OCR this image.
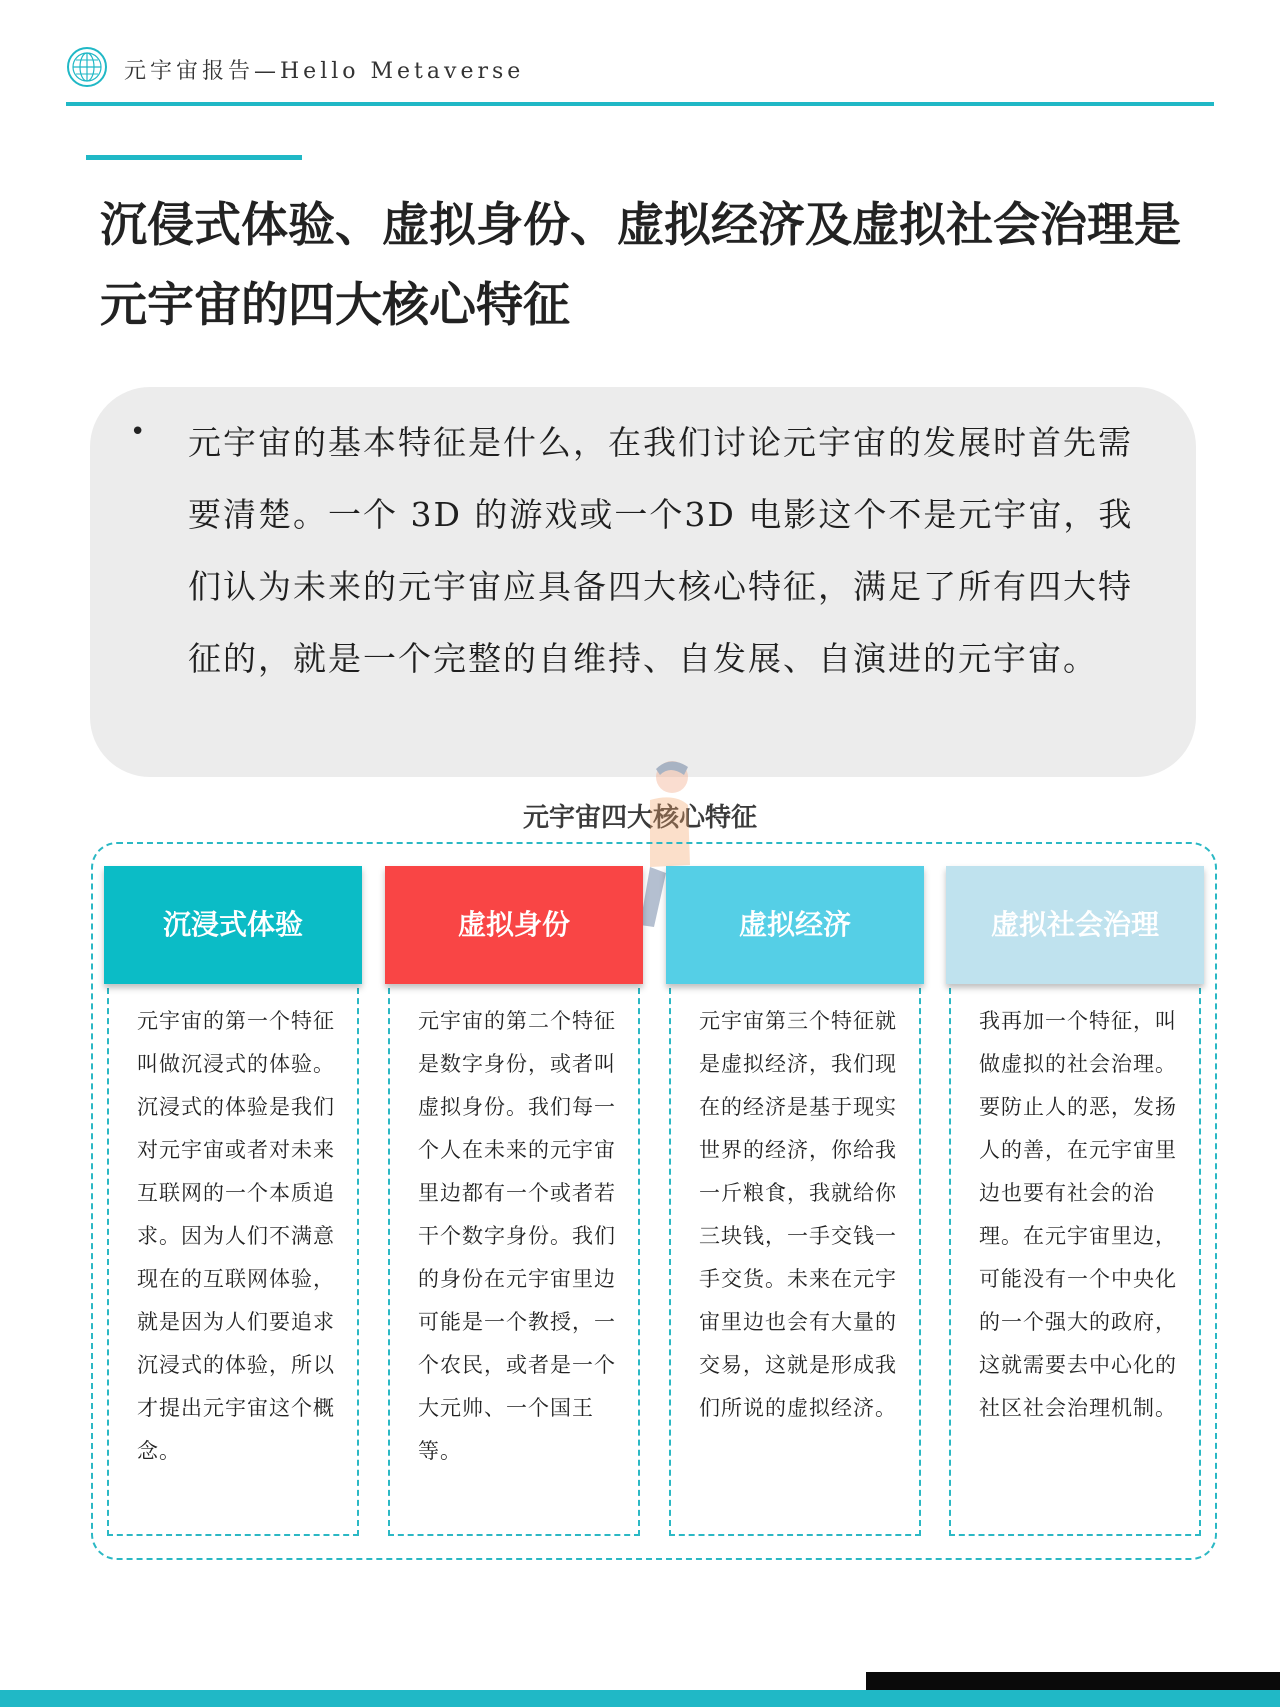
元宇宙报告—Hello Metaverse
沉侵式体验、虚拟身份、虚拟经济及虚拟社会治理是元宇宙的四大核心特征
• 元宇宙的基本特征是什么，在我们讨论元宇宙的发展时首先需要清楚。一个 3D 的游戏或一个3D 电影这个不是元宇宙，我们认为未来的元宇宙应具备四大核心特征，满足了所有四大特征的，就是一个完整的自维持、自发展、自演进的元宇宙。
元宇宙四大核心特征
沉浸式体验
元宇宙的第一个特征叫做沉浸式的体验。沉浸式的体验是我们对元宇宙或者对未来互联网的一个本质追求。因为人们不满意现在的互联网体验，就是因为人们要追求沉浸式的体验，所以才提出元宇宙这个概念。
虚拟身份
元宇宙的第二个特征是数字身份，或者叫虚拟身份。我们每一个人在未来的元宇宙里边都有一个或者若干个数字身份。我们的身份在元宇宙里边可能是一个教授，一个农民，或者是一个大元帅、一个国王等。
虚拟经济
元宇宙第三个特征就是虚拟经济，我们现在的经济是基于现实世界的经济，你给我一斤粮食，我就给你三块钱，一手交钱一手交货。未来在元宇宙里边也会有大量的交易，这就是形成我们所说的虚拟经济。
虚拟社会治理
我再加一个特征，叫做虚拟的社会治理。要防止人的恶，发扬人的善，在元宇宙里边也要有社会的治理。在元宇宙里边，可能没有一个中央化的一个强大的政府，这就需要去中心化的社区社会治理机制。
